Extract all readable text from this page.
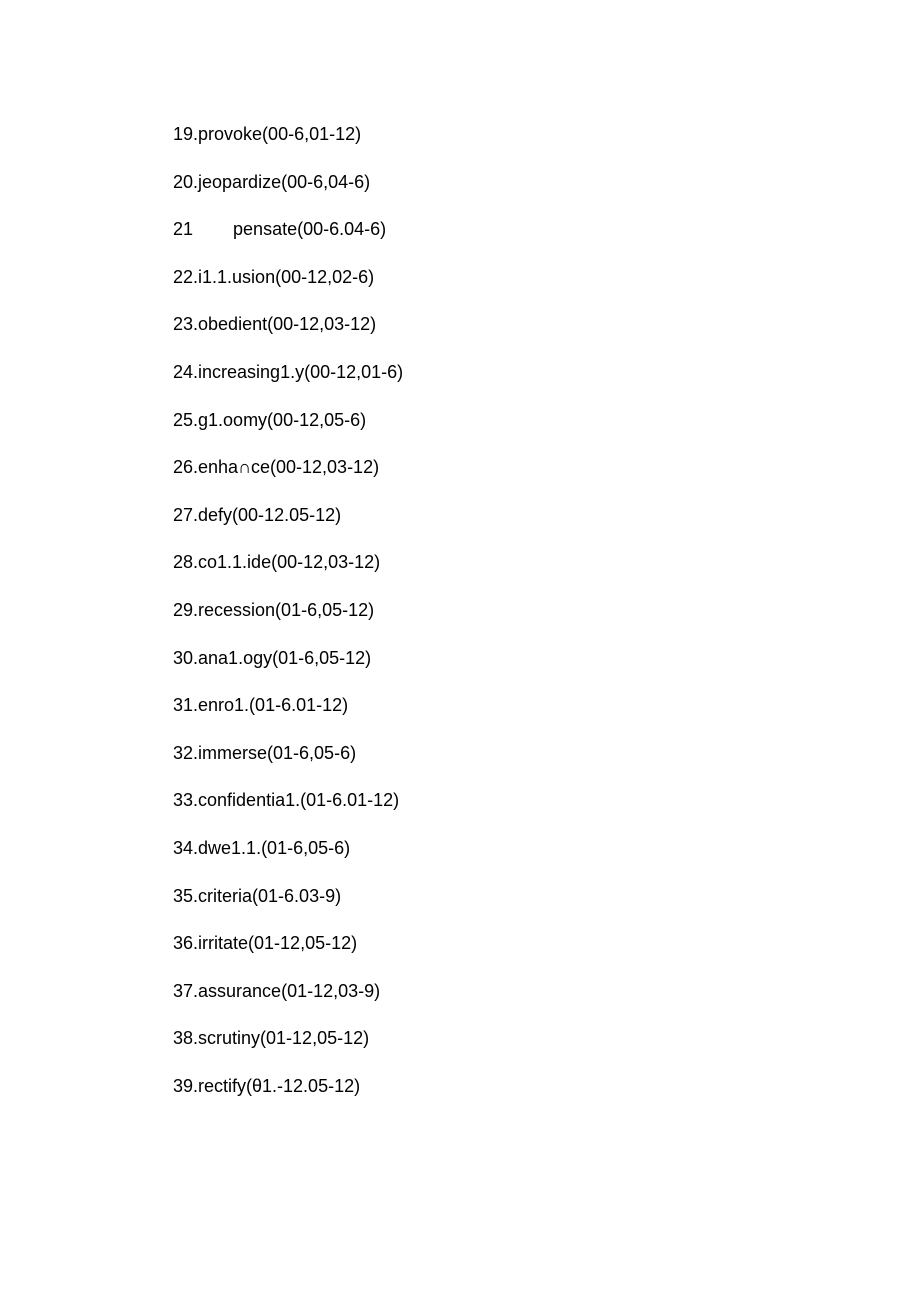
19.provoke(00-6,01-12)
20.jeopardize(00-6,04-6)
21 pensate(00-6.04-6)
22.i1.1.usion(00-12,02-6)
23.obedient(00-12,03-12)
24.increasing1.y(00-12,01-6)
25.g1.oomy(00-12,05-6)
26.enha∩ce(00-12,03-12)
27.defy(00-12.05-12)
28.co1.1.ide(00-12,03-12)
29.recession(01-6,05-12)
30.ana1.ogy(01-6,05-12)
31.enro1.(01-6.01-12)
32.immerse(01-6,05-6)
33.confidentia1.(01-6.01-12)
34.dwe1.1.(01-6,05-6)
35.criteria(01-6.03-9)
36.irritate(01-12,05-12)
37.assurance(01-12,03-9)
38.scrutiny(01-12,05-12)
39.rectify(θ1.-12.05-12)
